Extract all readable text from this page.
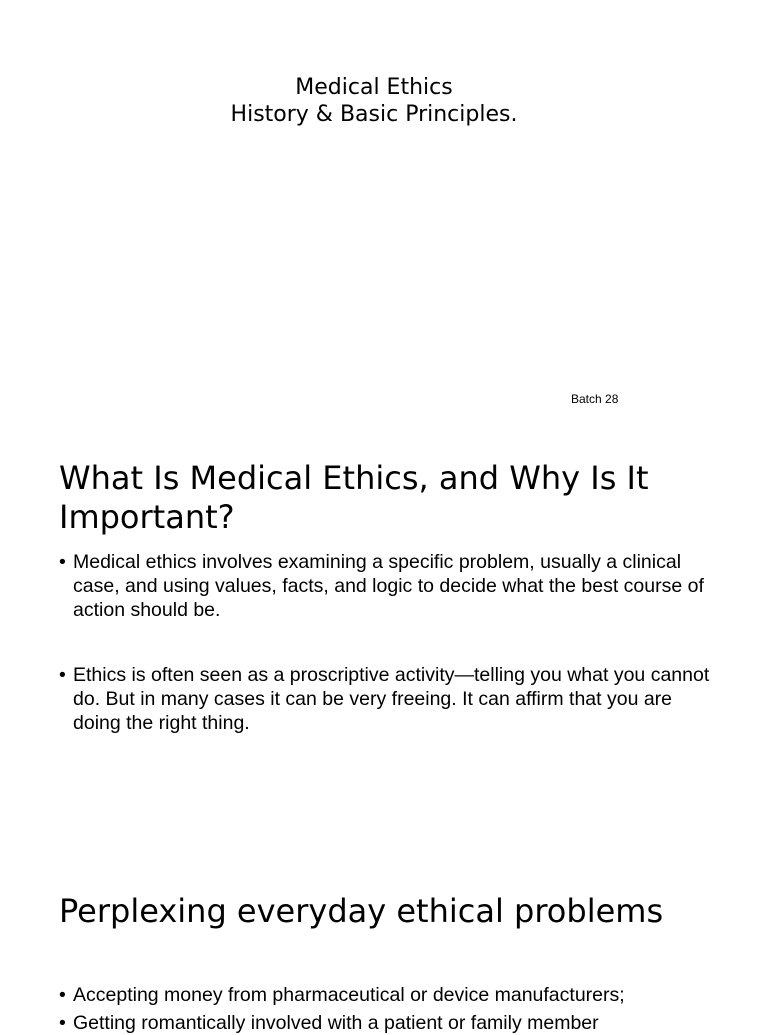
Medical Ethics
History & Basic Principles.
Batch 28
What Is Medical Ethics, and Why Is It Important?
• Medical ethics involves examining a specific problem, usually a clinical case, and using values, facts, and logic to decide what the best course of action should be.
• Ethics is often seen as a proscriptive activity—telling you what you cannot do. But in many cases it can be very freeing. It can affirm that you are doing the right thing.
Perplexing everyday ethical problems
• Accepting money from pharmaceutical or device manufacturers;
• Getting romantically involved with a patient or family member
